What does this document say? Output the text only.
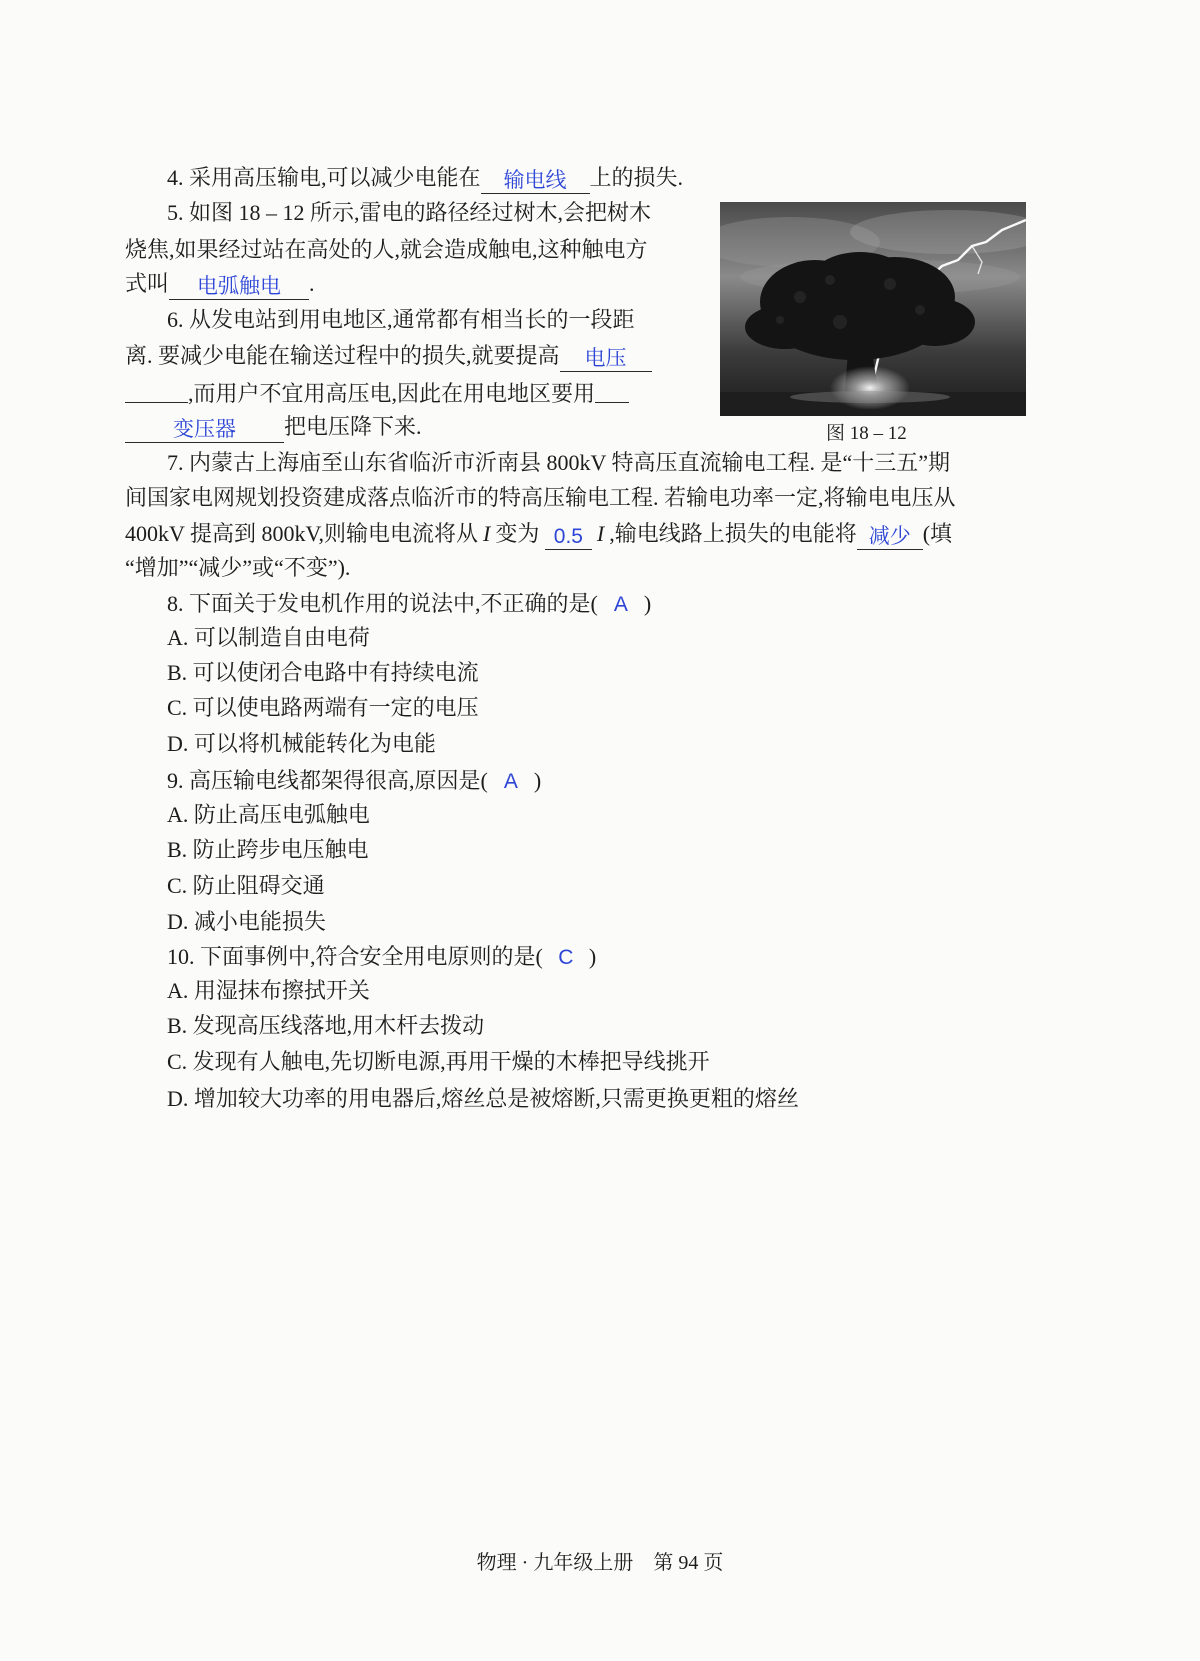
4. 采用高压输电,可以减少电能在 输电线 上的损失.
5. 如图 18 – 12 所示,雷电的路径经过树木,会把树木
烧焦,如果经过站在高处的人,就会造成触电,这种触电方
式叫 电弧触电 .
6. 从发电站到用电地区,通常都有相当长的一段距
离. 要减少电能在输送过程中的损失,就要提高 电压
,而用户不宜用高压电,因此在用电地区要用
变压器 把电压降下来.	图 18 – 12
7. 内蒙古上海庙至山东省临沂市沂南县 800kV 特高压直流输电工程. 是“十三五”期
间国家电网规划投资建成落点临沂市的特高压输电工程. 若输电功率一定,将输电电压从
400kV 提高到 800kV,则输电电流将从 I 变为 0.5 I ,输电线路上损失的电能将 减少 (填
“增加”“减少”或“不变”).
8. 下面关于发电机作用的说法中,不正确的是( A )
A. 可以制造自由电荷
B. 可以使闭合电路中有持续电流
C. 可以使电路两端有一定的电压
D. 可以将机械能转化为电能
9. 高压输电线都架得很高,原因是( A )
A. 防止高压电弧触电
B. 防止跨步电压触电
C. 防止阻碍交通
D. 减小电能损失
10. 下面事例中,符合安全用电原则的是( C )
A. 用湿抹布擦拭开关
B. 发现高压线落地,用木杆去拨动
C. 发现有人触电,先切断电源,再用干燥的木棒把导线挑开
D. 增加较大功率的用电器后,熔丝总是被熔断,只需更换更粗的熔丝
物理 · 九年级上册　第 94 页
